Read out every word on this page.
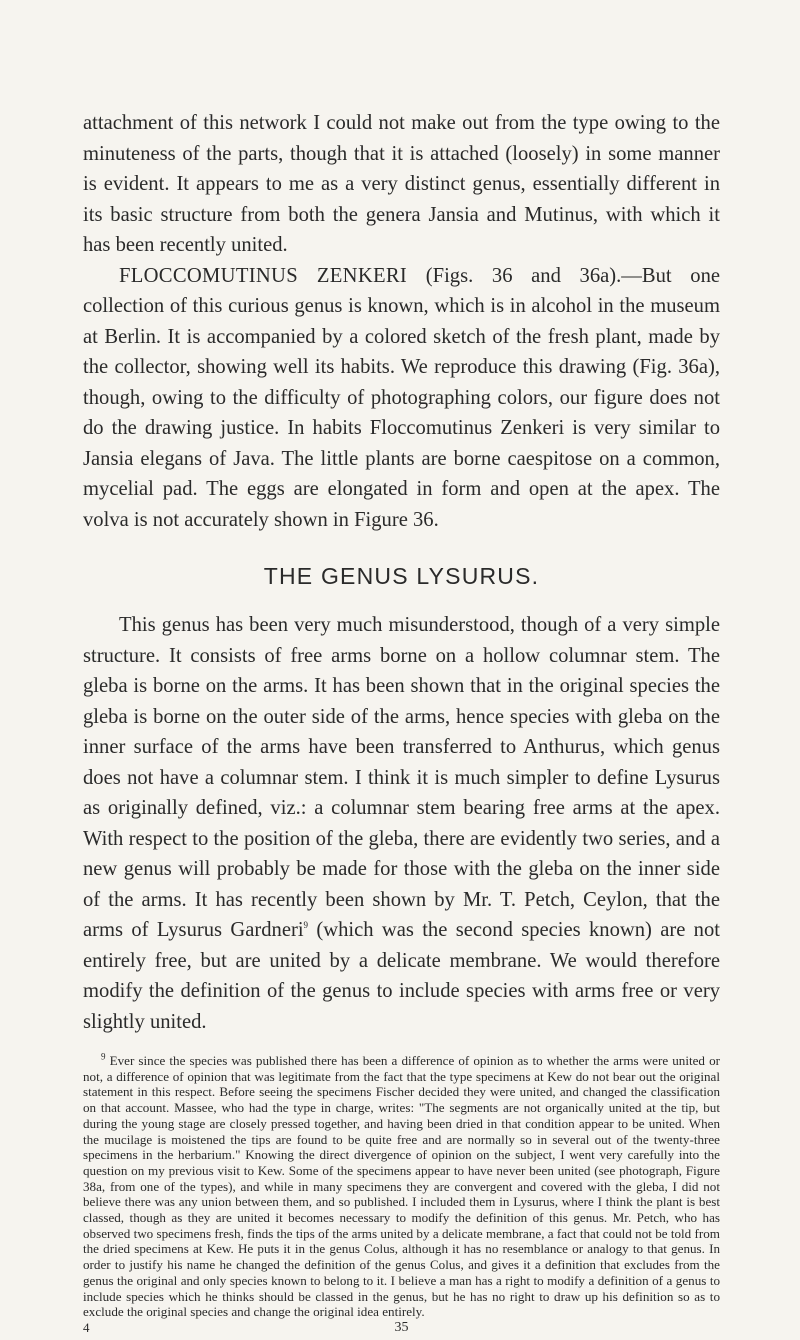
attachment of this network I could not make out from the type owing to the minuteness of the parts, though that it is attached (loosely) in some manner is evident. It appears to me as a very distinct genus, essentially different in its basic structure from both the genera Jansia and Mutinus, with which it has been recently united.

FLOCCOMUTINUS ZENKERI (Figs. 36 and 36a).—But one collection of this curious genus is known, which is in alcohol in the museum at Berlin. It is accompanied by a colored sketch of the fresh plant, made by the collector, showing well its habits. We reproduce this drawing (Fig. 36a), though, owing to the difficulty of photographing colors, our figure does not do the drawing justice. In habits Floccomutinus Zenkeri is very similar to Jansia elegans of Java. The little plants are borne caespitose on a common, mycelial pad. The eggs are elongated in form and open at the apex. The volva is not accurately shown in Figure 36.

THE GENUS LYSURUS.

This genus has been very much misunderstood, though of a very simple structure. It consists of free arms borne on a hollow columnar stem. The gleba is borne on the arms. It has been shown that in the original species the gleba is borne on the outer side of the arms, hence species with gleba on the inner surface of the arms have been transferred to Anthurus, which genus does not have a columnar stem. I think it is much simpler to define Lysurus as originally defined, viz.: a columnar stem bearing free arms at the apex. With respect to the position of the gleba, there are evidently two series, and a new genus will probably be made for those with the gleba on the inner side of the arms. It has recently been shown by Mr. T. Petch, Ceylon, that the arms of Lysurus Gardneri$^9$ (which was the second species known) are not entirely free, but are united by a delicate membrane. We would therefore modify the definition of the genus to include species with arms free or very slightly united.

$^9$ Ever since the species was published there has been a difference of opinion as to whether the arms were united or not, a difference of opinion that was legitimate from the fact that the type specimens at Kew do not bear out the original statement in this respect. Before seeing the specimens Fischer decided they were united, and changed the classification on that account. Massee, who had the type in charge, writes: "The segments are not organically united at the tip, but during the young stage are closely pressed together, and having been dried in that condition appear to be united. When the mucilage is moistened the tips are found to be quite free and are normally so in several out of the twenty-three specimens in the herbarium." Knowing the direct divergence of opinion on the subject, I went very carefully into the question on my previous visit to Kew. Some of the specimens appear to have never been united (see photograph, Figure 38a, from one of the types), and while in many specimens they are convergent and covered with the gleba, I did not believe there was any union between them, and so published. I included them in Lysurus, where I think the plant is best classed, though as they are united it becomes necessary to modify the definition of this genus. Mr. Petch, who has observed two specimens fresh, finds the tips of the arms united by a delicate membrane, a fact that could not be told from the dried specimens at Kew. He puts it in the genus Colus, although it has no resemblance or analogy to that genus. In order to justify his name he changed the definition of the genus Colus, and gives it a definition that excludes from the genus the original and only species known to belong to it. I believe a man has a right to modify a definition of a genus to include species which he thinks should be classed in the genus, but he has no right to draw up his definition so as to exclude the original species and change the original idea entirely.

4	35
